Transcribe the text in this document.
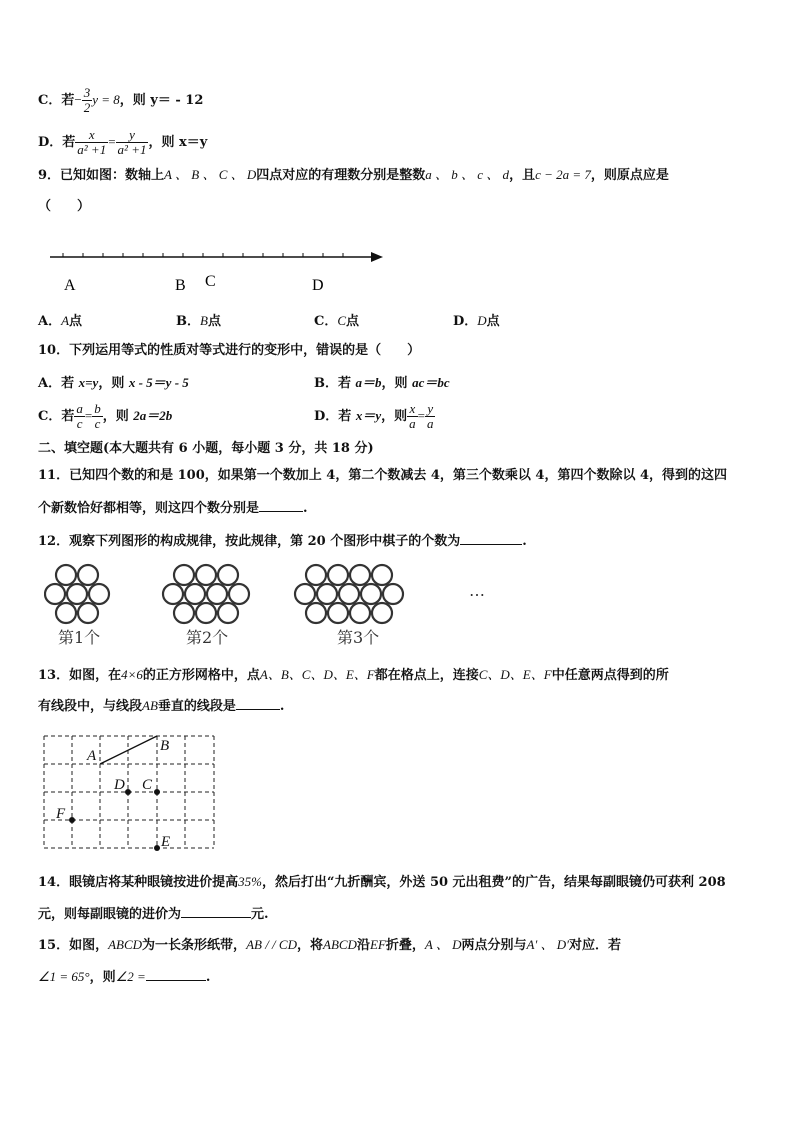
C．若− $\frac{3}{2}$ y = 8，则 y＝ - 12
D．若 $\frac{x}{\text{a² +1}} = \frac{y}{\text{a² +1}}$ ，则 x＝y
9．已知如图：数轴上A 、 B 、 C 、 D四点对应的有理数分别是整数a 、 b 、 c 、 d，且c − 2a = 7，则原点应是
（　　）
A	B C	D
A．A点	B．B点	C．C点	D．D点
10．下列运用等式的性质对等式进行的变形中，错误的是（　　）
A．若 x=y，则 x - 5＝y - 5	B．若 a＝b，则 ac＝bc
C．若 $\frac{a}{c} = \frac{b}{c}$ ，则 2a＝2b	D．若 x＝y，则 $\frac{x}{a} = \frac{y}{a}$
二、填空题(本大题共有 6 小题，每小题 3 分，共 18 分)
11．已知四个数的和是 100，如果第一个数加上 4，第二个数减去 4，第三个数乘以 4，第四个数除以 4，得到的这四
个新数恰好都相等，则这四个数分别是	.
12．观察下列图形的构成规律，按此规律，第 20 个图形中棋子的个数为	.
…
第1个	第2个	第3个
13．如图，在4×6的正方形网格中，点A、B、C、D、E、F都在格点上，连接C、D、E、F中任意两点得到的所
有线段中，与线段AB垂直的线段是	.
A
B
D C
F
E
14．眼镜店将某种眼镜按进价提高35%，然后打出“九折酬宾，外送 50 元出租费”的广告，结果每副眼镜仍可获利 208
元，则每副眼镜的进价为	元.
15．如图，ABCD为一长条形纸带，AB / / CD，将ABCD沿EF折叠，A 、 D两点分别与A′ 、 D′对应．若
∠1 = 65°，则∠2 =	.
